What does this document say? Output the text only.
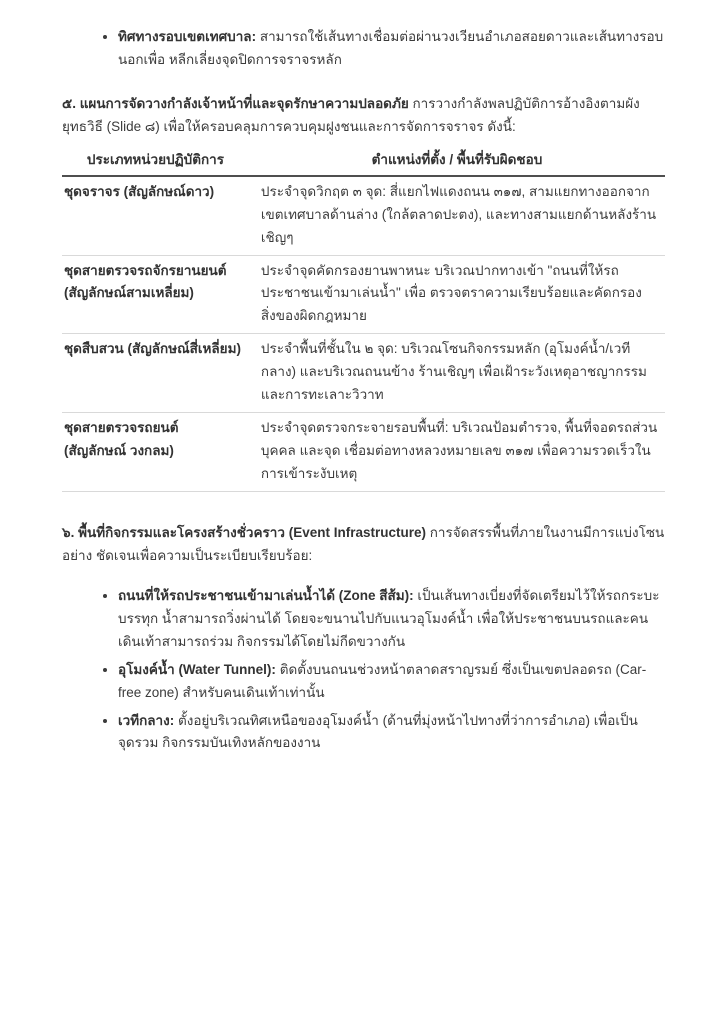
• ทิศทางรอบเขตเทศบาล: สามารถใช้เส้นทางเชื่อมต่อผ่านวงเวียนอำเภอสอยดาวและเส้นทางรอบนอกเพื่อ หลีกเลี่ยงจุดปิดการจราจรหลัก

๕. แผนการจัดวางกำลังเจ้าหน้าที่และจุดรักษาความปลอดภัย การวางกำลังพลปฏิบัติการอ้างอิงตามผังยุทธวิธี (Slide ๘) เพื่อให้ครอบคลุมการควบคุมฝูงชนและการจัดการจราจร ดังนี้:

ประเภทหน่วยปฏิบัติการ	ตำแหน่งที่ตั้ง / พื้นที่รับผิดชอบ
ชุดจราจร (สัญลักษณ์ดาว)	ประจำจุดวิกฤต ๓ จุด: สี่แยกไฟแดงถนน ๓๑๗, สามแยกทางออกจากเขตเทศบาลด้านล่าง (ใกล้ตลาดปะตง), และทางสามแยกด้านหลังร้านเชิญๆ
ชุดสายตรวจรถจักรยานยนต์ (สัญลักษณ์สามเหลี่ยม)	ประจำจุดคัดกรองยานพาหนะ บริเวณปากทางเข้า "ถนนที่ให้รถประชาชนเข้ามาเล่นน้ำ" เพื่อ ตรวจตราความเรียบร้อยและคัดกรองสิ่งของผิดกฎหมาย
ชุดสืบสวน (สัญลักษณ์สี่เหลี่ยม)	ประจำพื้นที่ชั้นใน ๒ จุด: บริเวณโซนกิจกรรมหลัก (อุโมงค์น้ำ/เวทีกลาง) และบริเวณถนนข้าง ร้านเชิญๆ เพื่อเฝ้าระวังเหตุอาชญากรรมและการทะเลาะวิวาท
ชุดสายตรวจรถยนต์ (สัญลักษณ์ วงกลม)	ประจำจุดตรวจกระจายรอบพื้นที่: บริเวณป้อมตำรวจ, พื้นที่จอดรถส่วนบุคคล และจุด เชื่อมต่อทางหลวงหมายเลข ๓๑๗ เพื่อความรวดเร็วในการเข้าระงับเหตุ

๖. พื้นที่กิจกรรมและโครงสร้างชั่วคราว (Event Infrastructure) การจัดสรรพื้นที่ภายในงานมีการแบ่งโซนอย่าง ชัดเจนเพื่อความเป็นระเบียบเรียบร้อย:

• ถนนที่ให้รถประชาชนเข้ามาเล่นน้ำได้ (Zone สีส้ม): เป็นเส้นทางเบี่ยงที่จัดเตรียมไว้ให้รถกระบะบรรทุก น้ำสามารถวิ่งผ่านได้ โดยจะขนานไปกับแนวอุโมงค์น้ำ เพื่อให้ประชาชนบนรถและคนเดินเท้าสามารถร่วม กิจกรรมได้โดยไม่กีดขวางกัน
• อุโมงค์น้ำ (Water Tunnel): ติดตั้งบนถนนช่วงหน้าตลาดสราญรมย์ ซึ่งเป็นเขตปลอดรถ (Car-free zone) สำหรับคนเดินเท้าเท่านั้น
• เวทีกลาง: ตั้งอยู่บริเวณทิศเหนือของอุโมงค์น้ำ (ด้านที่มุ่งหน้าไปทางที่ว่าการอำเภอ) เพื่อเป็นจุดรวม กิจกรรมบันเทิงหลักของงาน
